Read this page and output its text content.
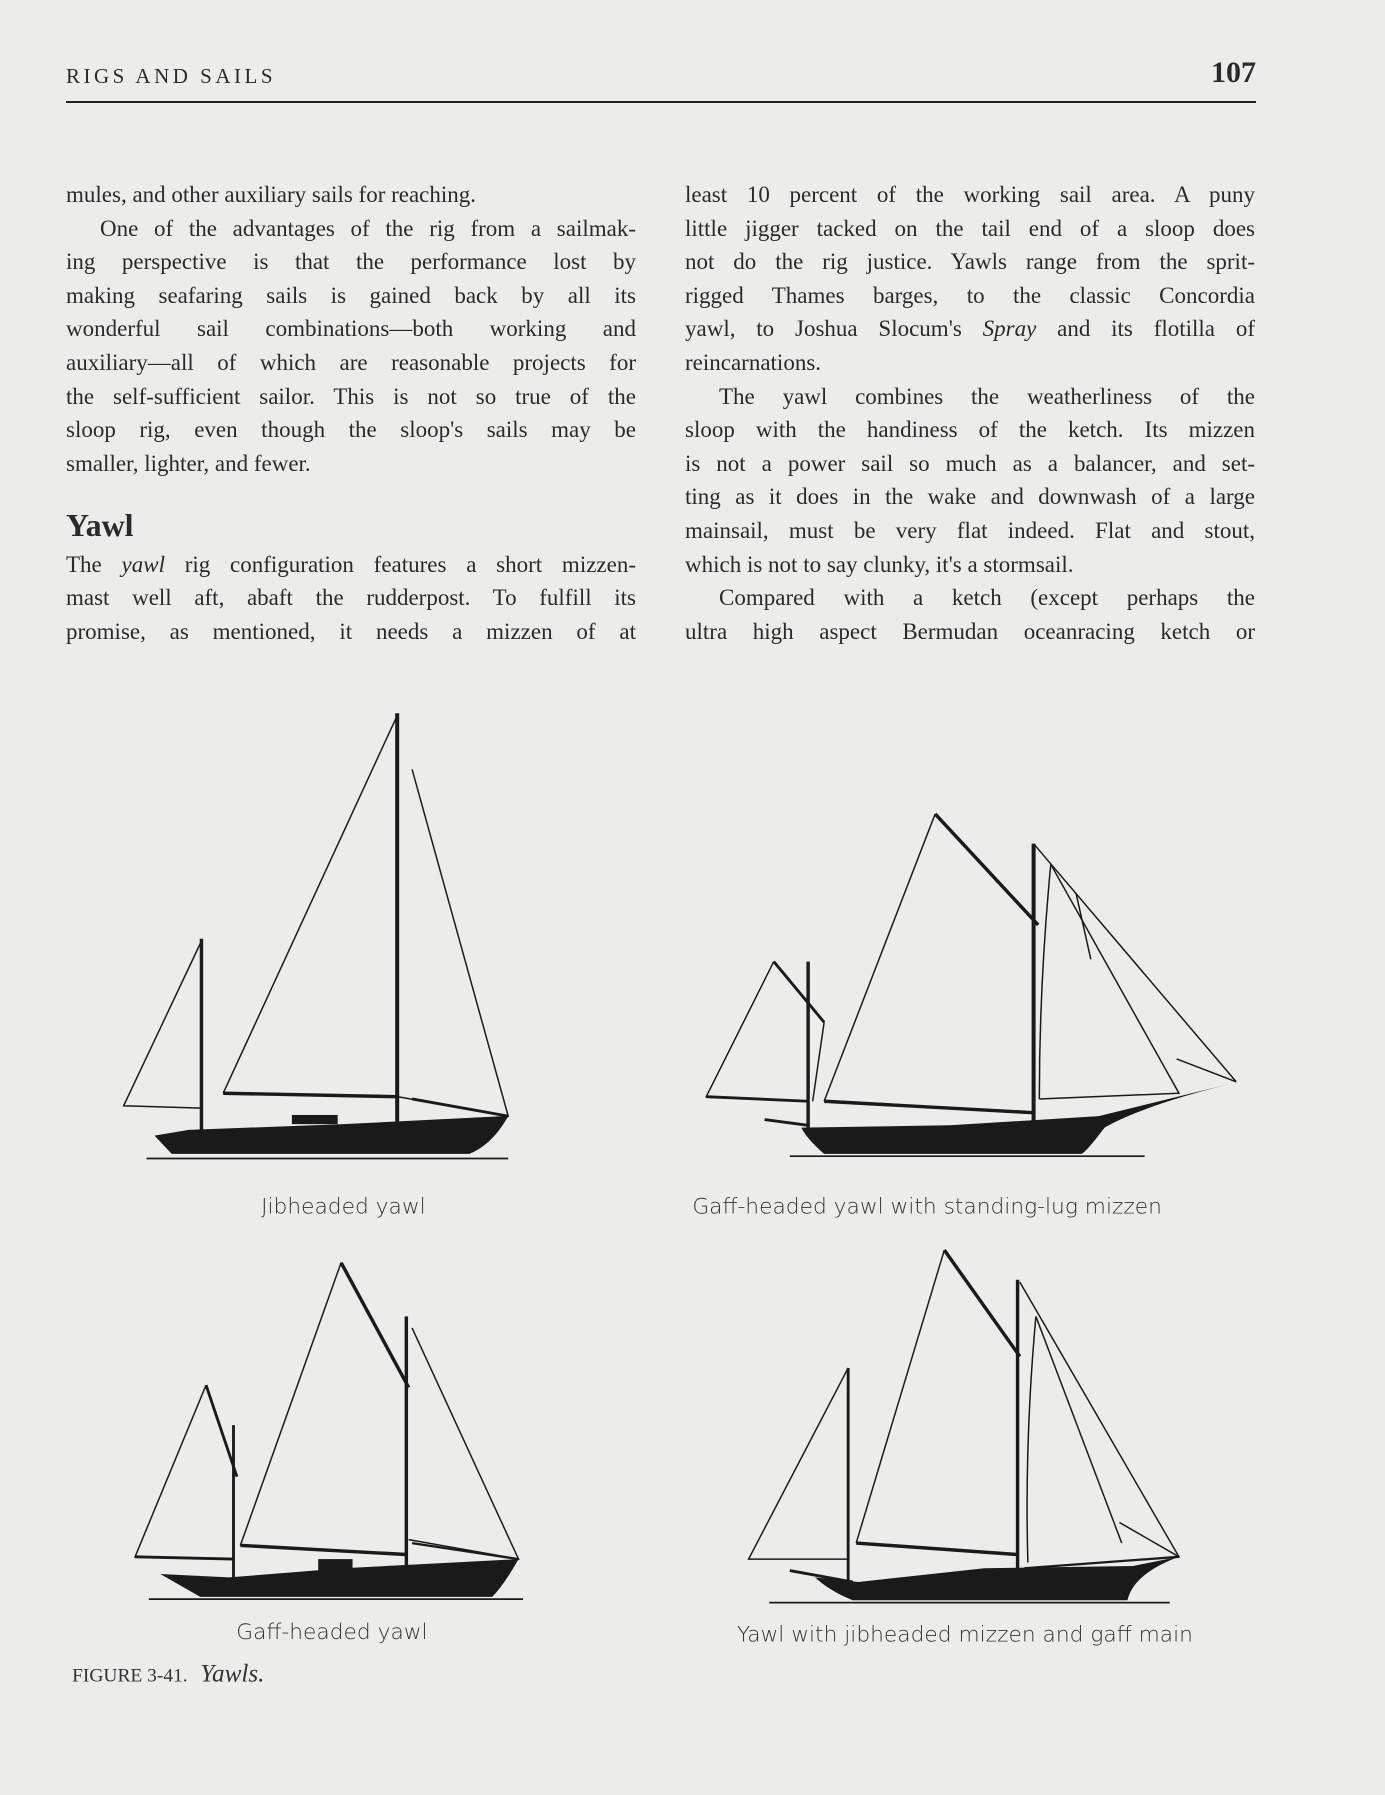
RIGS AND SAILS	107
Yawl
mules, and other auxiliary sails for reaching.
One of the advantages of the rig from a sailmak-
ing perspective is that the performance lost by
making seafaring sails is gained back by all its
wonderful sail combinations—both working and
auxiliary—all of which are reasonable projects for
the self-sufficient sailor. This is not so true of the
sloop rig, even though the sloop's sails may be
smaller, lighter, and fewer.
The yawl rig configuration features a short mizzen-
mast well aft, abaft the rudderpost. To fulfill its
promise, as mentioned, it needs a mizzen of at
least 10 percent of the working sail area. A puny
little jigger tacked on the tail end of a sloop does
not do the rig justice. Yawls range from the sprit-
rigged Thames barges, to the classic Concordia
yawl, to Joshua Slocum's Spray and its flotilla of
reincarnations.
The yawl combines the weatherliness of the
sloop with the handiness of the ketch. Its mizzen
is not a power sail so much as a balancer, and set-
ting as it does in the wake and downwash of a large
mainsail, must be very flat indeed. Flat and stout,
which is not to say clunky, it's a stormsail.
Compared with a ketch (except perhaps the
ultra high aspect Bermudan oceanracing ketch or
Jibheaded yawl	Gaff-headed yawl with standing-lug mizzen
Gaff-headed yawl	Yawl with jibheaded mizzen and gaff main
FIGURE 3-41. Yawls.
